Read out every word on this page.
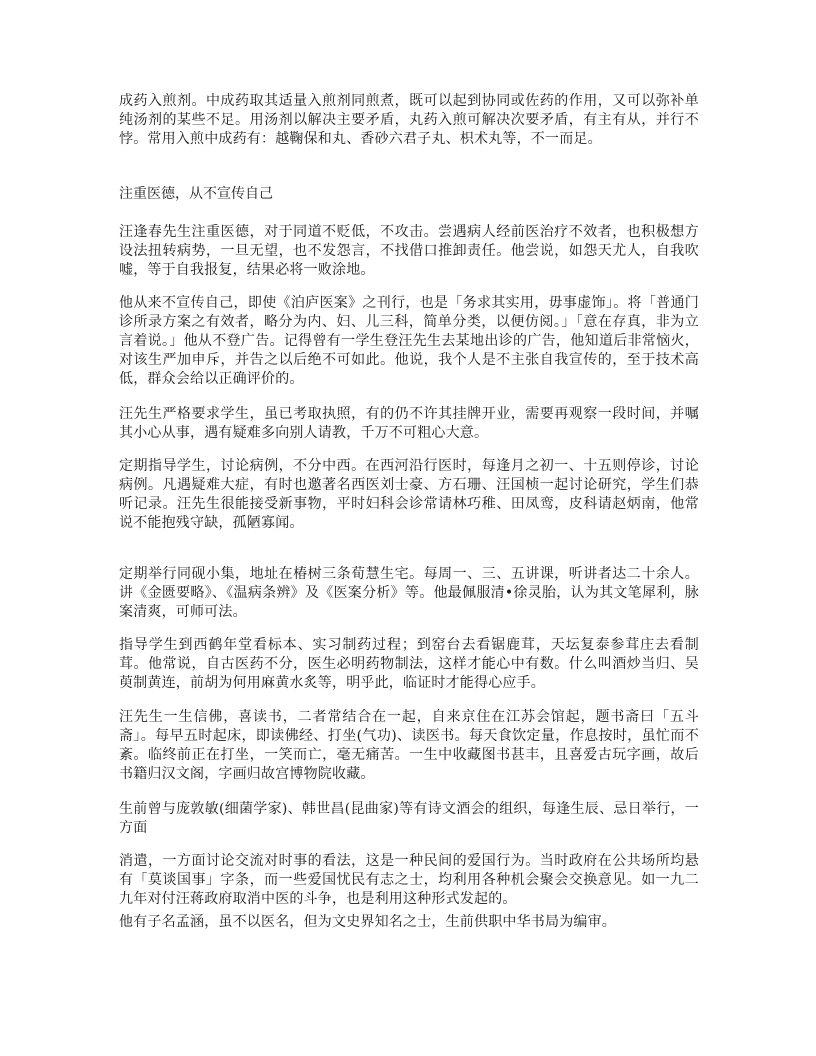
成药入煎剂。中成药取其适量入煎剂同煎煮，既可以起到协同或佐药的作用，又可以弥补单纯汤剂的某些不足。用汤剂以解决主要矛盾，丸药入煎可解决次要矛盾，有主有从，并行不悖。常用入煎中成药有：越鞠保和丸、香砂六君子丸、枳术丸等，不一而足。

注重医德，从不宣传自己

汪逢春先生注重医德，对于同道不贬低，不攻击。尝遇病人经前医治疗不效者，也积极想方设法扭转病势，一旦无望，也不发怨言，不找借口推卸责任。他尝说，如怨天尤人，自我吹嘘，等于自我报复，结果必将一败涂地。

他从来不宣传自己，即使《泊庐医案》之刊行，也是「务求其实用，毋事虚饰」。将「普通门诊所录方案之有效者，略分为内、妇、儿三科，简单分类，以便仿阅。」「意在存真，非为立言着说。」他从不登广告。记得曾有一学生登汪先生去某地出诊的广告，他知道后非常恼火，对该生严加申斥，并告之以后绝不可如此。他说，我个人是不主张自我宣传的，至于技术高低，群众会给以正确评价的。

汪先生严格要求学生，虽已考取执照，有的仍不许其挂牌开业，需要再观察一段时间，并嘱其小心从事，遇有疑难多向别人请教，千万不可粗心大意。

定期指导学生，讨论病例，不分中西。在西河沿行医时，每逢月之初一、十五则停诊，讨论病例。凡遇疑难大症，有时也邀著名西医刘士豪、方石珊、汪国桢一起讨论研究，学生们恭听记录。汪先生很能接受新事物，平时妇科会诊常请林巧稚、田凤鸾，皮科请赵炳南，他常说不能抱残守缺，孤陋寡闻。

定期举行同砚小集，地址在椿树三条荀慧生宅。每周一、三、五讲课，听讲者达二十余人。讲《金匮要略》、《温病条辨》及《医案分析》等。他最佩服清•徐灵胎，认为其文笔犀利，脉案清爽，可师可法。

指导学生到西鹤年堂看标本、实习制药过程；到窑台去看锯鹿茸，天坛复泰参茸庄去看制茸。他常说，自古医药不分，医生必明药物制法，这样才能心中有数。什么叫酒炒当归、吴萸制黄连，前胡为何用麻黄水炙等，明乎此，临证时才能得心应手。

汪先生一生信佛，喜读书，二者常结合在一起，自来京住在江苏会馆起，题书斋曰「五斗斋」。每早五时起床，即读佛经、打坐(气功)、读医书。每天食饮定量，作息按时，虽忙而不紊。临终前正在打坐，一笑而亡，毫无痛苦。一生中收藏图书甚丰，且喜爱古玩字画，故后书籍归汉文阁，字画归故宫博物院收藏。

生前曾与庞敦敏(细菌学家)、韩世昌(昆曲家)等有诗文酒会的组织，每逢生辰、忌日举行，一方面

消遣，一方面讨论交流对时事的看法，这是一种民间的爱国行为。当时政府在公共场所均悬有「莫谈国事」字条，而一些爱国忧民有志之士，均利用各种机会聚会交换意见。如一九二九年对付汪蒋政府取消中医的斗争，也是利用这种形式发起的。

他有子名孟涵，虽不以医名，但为文史界知名之士，生前供职中华书局为编审。
